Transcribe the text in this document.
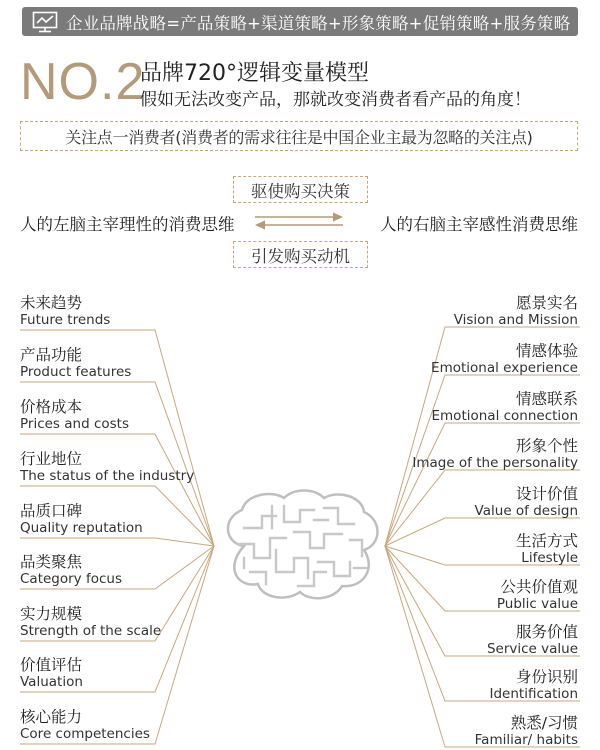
企业品牌战略=产品策略+渠道策略+形象策略+促销策略+服务策略
NO.2
品牌720°逻辑变量模型
假如无法改变产品，那就改变消费者看产品的角度！
关注点一消费者(消费者的需求往往是中国企业主最为忽略的关注点)
驱使购买决策
人的左脑主宰理性的消费思维	人的右脑主宰感性消费思维
引发购买动机
未来趋势
Future trends
产品功能
Product features
价格成本
Prices and costs
行业地位
The status of the industry
品质口碑
Quality reputation
品类聚焦
Category focus
实力规模
Strength of the scale
价值评估
Valuation
核心能力
Core competencies
愿景实名
Vision and Mission
情感体验
Emotional experience
情感联系
Emotional connection
形象个性
Image of the personality
设计价值
Value of design
生活方式
Lifestyle
公共价值观
Public value
服务价值
Service value
身份识别
Identification
熟悉/习惯
Familiar/ habits
